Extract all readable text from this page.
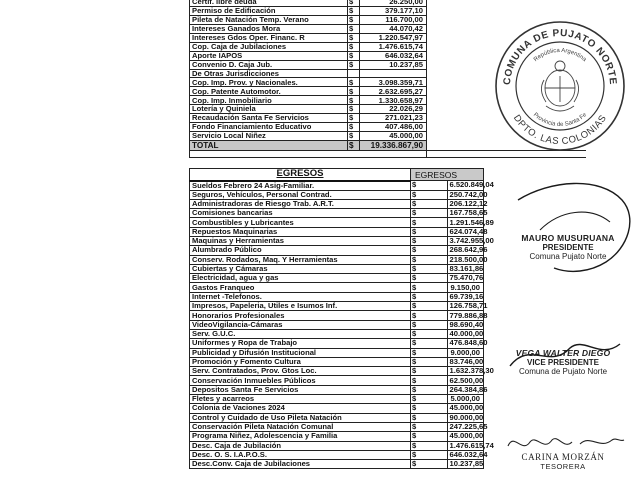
Certif. libre deuda	$	26.250,00	
Permiso de Edificación	$	379.177,10	
Pileta de Natación Temp. Verano	$	116.700,00	
Intereses Ganados Mora	$	44.070,42	
Intereses Gdos Oper. Financ. R	$	1.220.547,97	
Cop. Caja de Jubilaciones	$	1.476.615,74	
Aporte IAPOS	$	646.032,64	
Convenio D. Caja Jub.	$	10.237,85	
De Otras Jurisdicciones			
Cop. Imp. Prov. y Nacionales.	$	3.098.359,71	
Cop. Patente Automotor.	$	2.632.695,27	
Cop. Imp. Inmobiliario	$	1.330.658,97	
Lotería y Quiniela	$	22.026,29	
Recaudación Santa Fe Servicios	$	271.021,23	
Fondo Financiamiento Educativo	$	407.486,00	
Servicio Local Niñez	$	45.000,00	
TOTAL	$	19.336.867,90	

EGRESOS	EGRESOS	
Sueldos Febrero 24 Asig-Familiar.	$	6.520.849,04
Seguros, Vehículos, Personal Contrad.	$	250.742,00
Administradoras de Riesgo Trab. A.R.T.	$	206.122,12
Comisiones bancarias	$	167.758,65
Combustibles y Lubricantes	$	1.291.546,89
Repuestos Maquinarias	$	624.074,48
Maquinas y Herramientas	$	3.742.955,00
Alumbrado Público	$	268.642,96
Conserv. Rodados, Maq. Y Herramientas	$	218.500,00
Cubiertas y Cámaras	$	83.161,86
Electricidad, agua y gas	$	75.470,76
Gastos Franqueo	$	9.150,00
Internet -Telefonos.	$	69.739,16
Impresos, Papeleria, Utiles e Isumos Inf.	$	126.758,71
Honorarios Profesionales	$	779.886,88
VideoVigilancia-Cámaras	$	98.690,40
Serv. G.U.C.	$	40.000,00
Uniformes y Ropa de Trabajo	$	476.848,60
Publicidad y Difusión Institucional	$	9.000,00
Promoción y Fomento Cultura	$	83.746,00
Serv. Contratados, Prov. Gtos Loc.	$	1.632.378,30
Conservación Inmuebles Públicos	$	62.500,00
Depositos Santa Fe Servicios	$	264.384,86
Fletes y acarreos	$	5.000,00
Colonia de Vaciones 2024	$	45.000,00
Control y Cuidado de Uso Pileta Natación	$	90.000,00
Conservación Pileta Natación Comunal	$	247.225,65
Programa Niñez, Adolescencia y Familia	$	45.000,00
Desc. Caja de Jubilación	$	1.476.615,74
Desc. O. S. I.A.P.O.S.	$	646.032,64
Desc.Conv. Caja de Jubilaciones	$	10.237,85
COMUNA DE PUJATO NORTE
DPTO. LAS COLONIAS
República Argentina
Provincia de Santa Fe
MAURO MUSURUANA
PRESIDENTE
Comuna Pujato Norte
VEGA WALTER DIEGO
VICE PRESIDENTE
Comuna de Pujato Norte
CARINA MORZÁN
TESORERA
